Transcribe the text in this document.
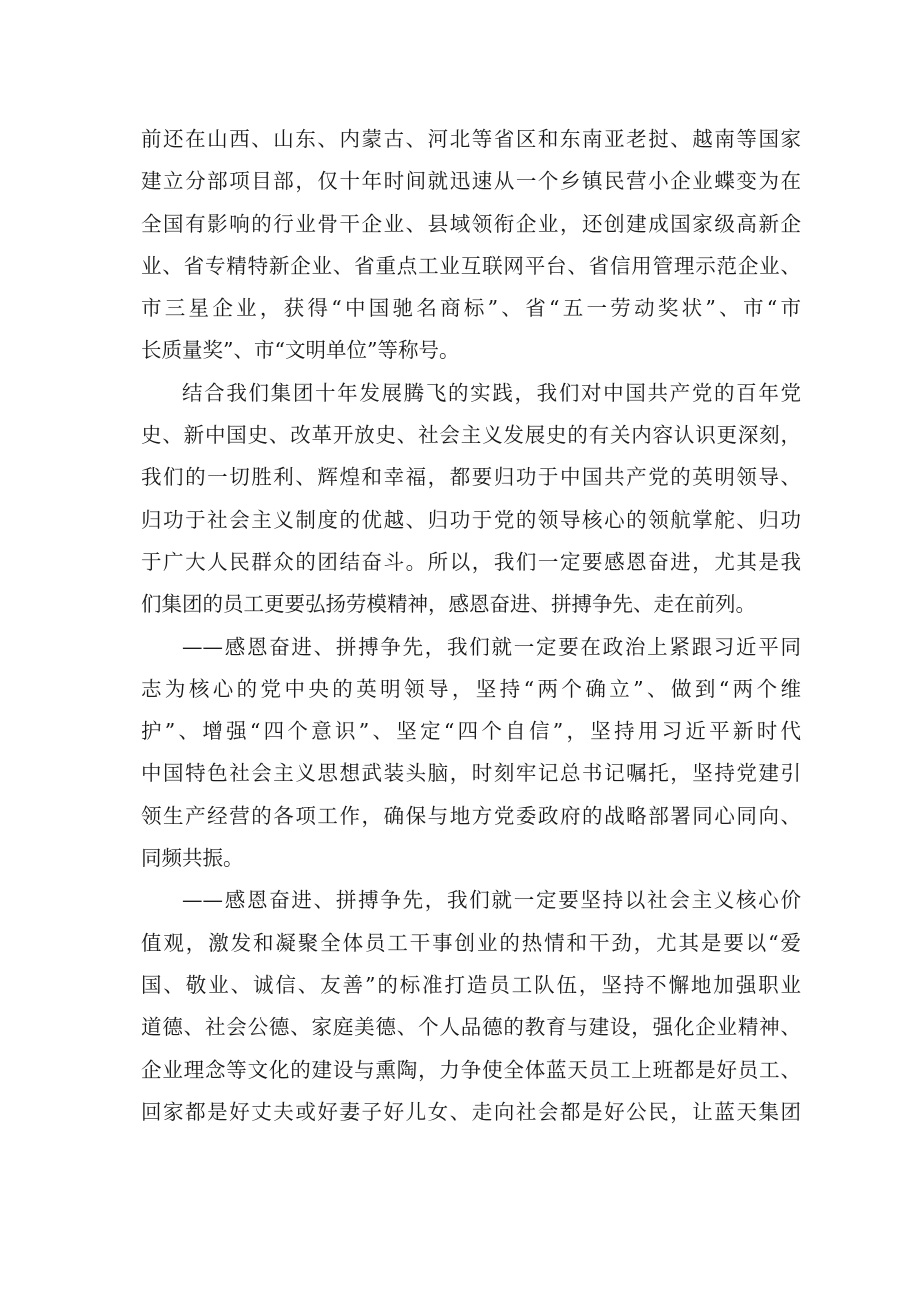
前还在山西、山东、内蒙古、河北等省区和东南亚老挝、越南等国家
建立分部项目部，仅十年时间就迅速从一个乡镇民营小企业蝶变为在
全国有影响的行业骨干企业、县域领衔企业，还创建成国家级高新企
业、省专精特新企业、省重点工业互联网平台、省信用管理示范企业、
市三星企业，获得“中国驰名商标”、省“五一劳动奖状”、市“市
长质量奖”、市“文明单位”等称号。
结合我们集团十年发展腾飞的实践，我们对中国共产党的百年党
史、新中国史、改革开放史、社会主义发展史的有关内容认识更深刻，
我们的一切胜利、辉煌和幸福，都要归功于中国共产党的英明领导、
归功于社会主义制度的优越、归功于党的领导核心的领航掌舵、归功
于广大人民群众的团结奋斗。所以，我们一定要感恩奋进，尤其是我
们集团的员工更要弘扬劳模精神，感恩奋进、拼搏争先、走在前列。
——感恩奋进、拼搏争先，我们就一定要在政治上紧跟习近平同
志为核心的党中央的英明领导，坚持“两个确立”、做到“两个维
护”、增强“四个意识”、坚定“四个自信”，坚持用习近平新时代
中国特色社会主义思想武装头脑，时刻牢记总书记嘱托，坚持党建引
领生产经营的各项工作，确保与地方党委政府的战略部署同心同向、
同频共振。
——感恩奋进、拼搏争先，我们就一定要坚持以社会主义核心价
值观，激发和凝聚全体员工干事创业的热情和干劲，尤其是要以“爱
国、敬业、诚信、友善”的标准打造员工队伍，坚持不懈地加强职业
道德、社会公德、家庭美德、个人品德的教育与建设，强化企业精神、
企业理念等文化的建设与熏陶，力争使全体蓝天员工上班都是好员工、
回家都是好丈夫或好妻子好儿女、走向社会都是好公民，让蓝天集团
